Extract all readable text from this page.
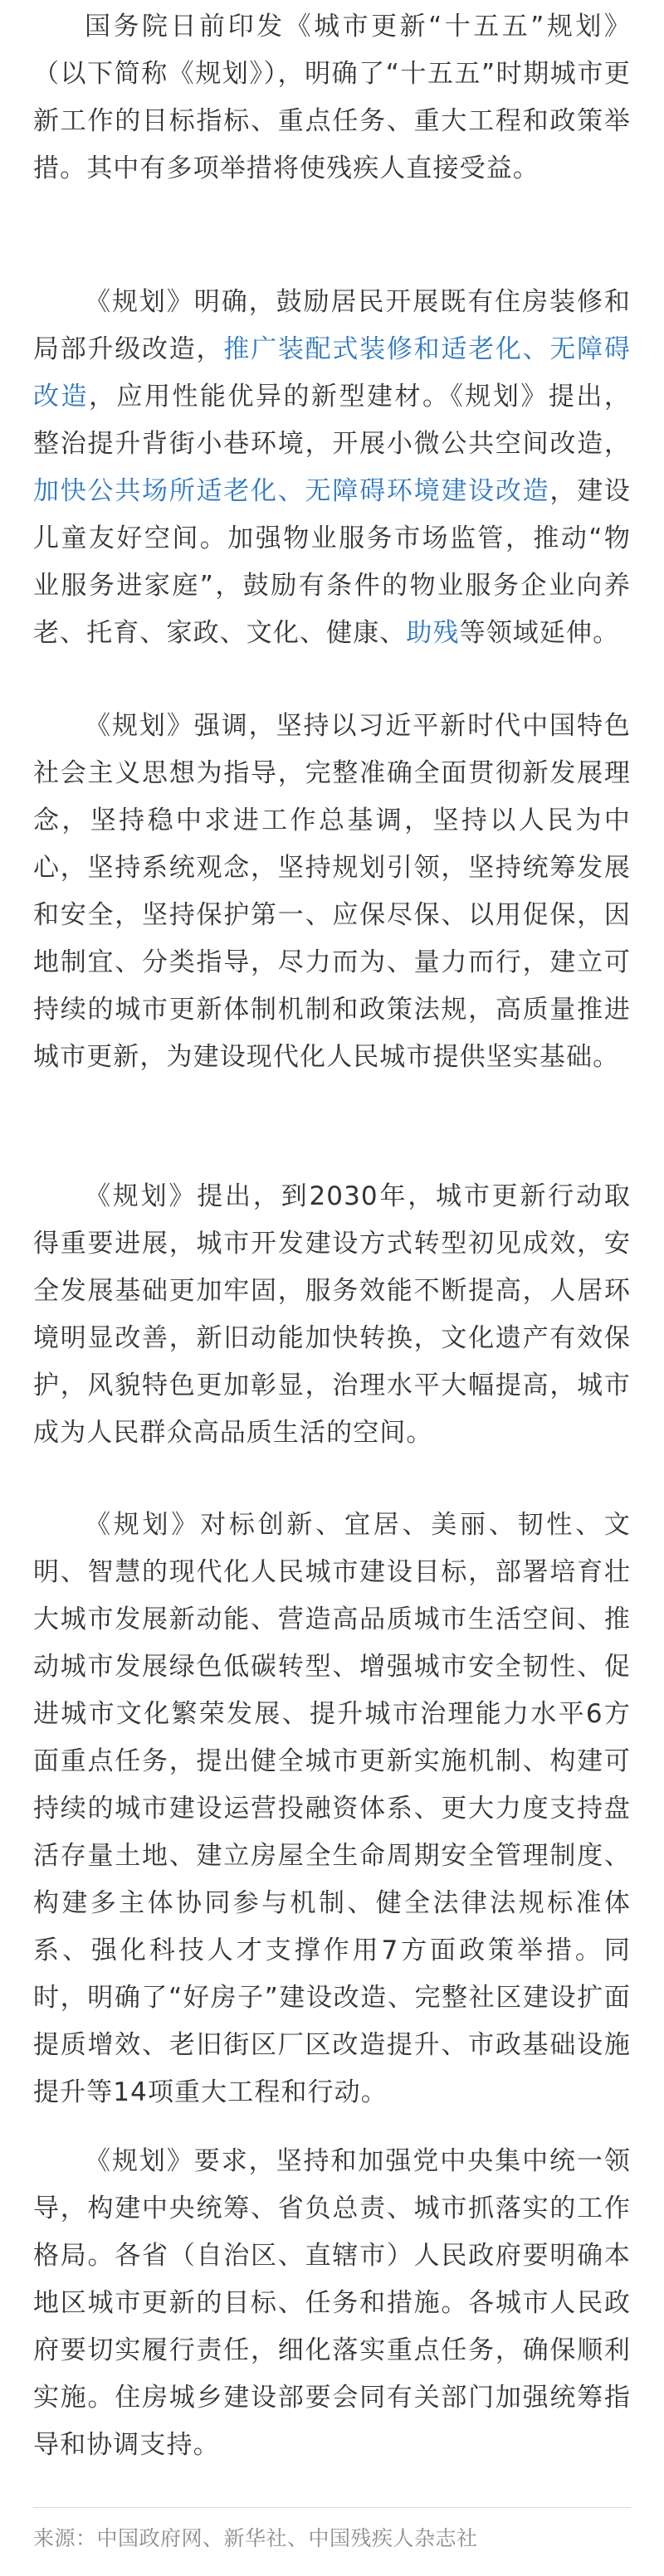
国务院日前印发《城市更新“十五五”规划》（以下简称《规划》），明确了“十五五”时期城市更新工作的目标指标、重点任务、重大工程和政策举措。其中有多项举措将使残疾人直接受益。

《规划》明确，鼓励居民开展既有住房装修和局部升级改造，推广装配式装修和适老化、无障碍改造，应用性能优异的新型建材。《规划》提出，整治提升背街小巷环境，开展小微公共空间改造，加快公共场所适老化、无障碍环境建设改造，建设儿童友好空间。加强物业服务市场监管，推动“物业服务进家庭”，鼓励有条件的物业服务企业向养老、托育、家政、文化、健康、助残等领域延伸。

《规划》强调，坚持以习近平新时代中国特色社会主义思想为指导，完整准确全面贯彻新发展理念，坚持稳中求进工作总基调，坚持以人民为中心，坚持系统观念，坚持规划引领，坚持统筹发展和安全，坚持保护第一、应保尽保、以用促保，因地制宜、分类指导，尽力而为、量力而行，建立可持续的城市更新体制机制和政策法规，高质量推进城市更新，为建设现代化人民城市提供坚实基础。

《规划》提出，到2030年，城市更新行动取得重要进展，城市开发建设方式转型初见成效，安全发展基础更加牢固，服务效能不断提高，人居环境明显改善，新旧动能加快转换，文化遗产有效保护，风貌特色更加彰显，治理水平大幅提高，城市成为人民群众高品质生活的空间。

《规划》对标创新、宜居、美丽、韧性、文明、智慧的现代化人民城市建设目标，部署培育壮大城市发展新动能、营造高品质城市生活空间、推动城市发展绿色低碳转型、增强城市安全韧性、促进城市文化繁荣发展、提升城市治理能力水平6方面重点任务，提出健全城市更新实施机制、构建可持续的城市建设运营投融资体系、更大力度支持盘活存量土地、建立房屋全生命周期安全管理制度、构建多主体协同参与机制、健全法律法规标准体系、强化科技人才支撑作用7方面政策举措。同时，明确了“好房子”建设改造、完整社区建设扩面提质增效、老旧街区厂区改造提升、市政基础设施提升等14项重大工程和行动。

《规划》要求，坚持和加强党中央集中统一领导，构建中央统筹、省负总责、城市抓落实的工作格局。各省（自治区、直辖市）人民政府要明确本地区城市更新的目标、任务和措施。各城市人民政府要切实履行责任，细化落实重点任务，确保顺利实施。住房城乡建设部要会同有关部门加强统筹指导和协调支持。

来源：中国政府网、新华社、中国残疾人杂志社
